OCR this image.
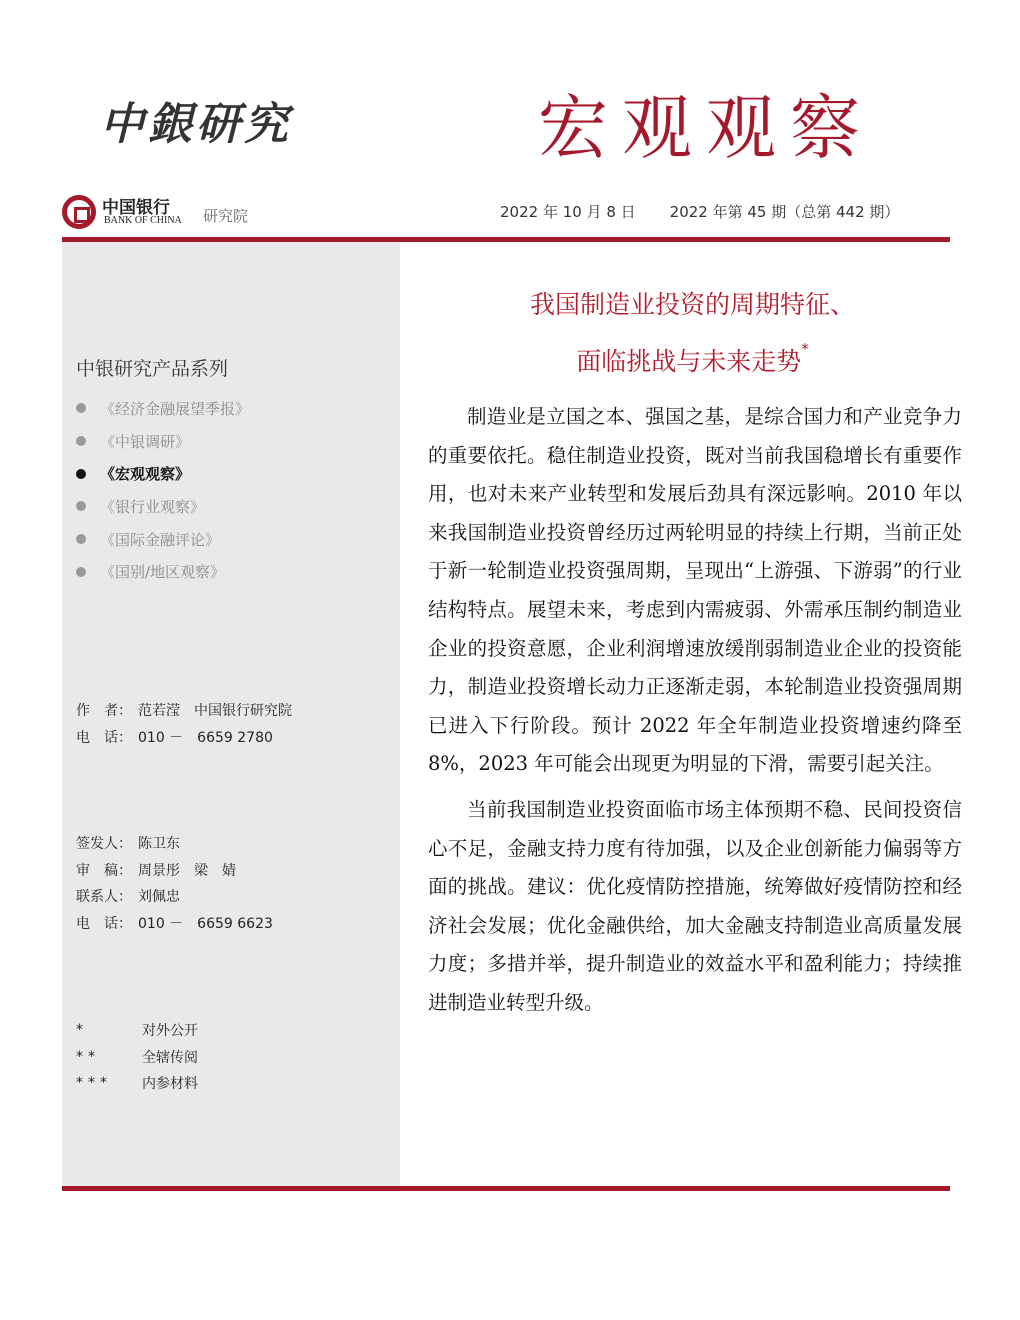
中銀研究	宏观观察
中国银行
BANK OF CHINA	研究院	2022 年 10 月 8 日 2022 年第 45 期（总第 442 期）
中银研究产品系列
《经济金融展望季报》
《中银调研》
《宏观观察》
《银行业观察》
《国际金融评论》
《国别/地区观察》
作　者： 范若滢　中国银行研究院
电　话： 010 －　6659 2780
签发人： 陈卫东
审　稿： 周景彤　梁　婧
联系人： 刘佩忠
电　话： 010 －　6659 6623
*	对外公开
**	全辖传阅
***	内参材料
我国制造业投资的周期特征、
面临挑战与未来走势*

制造业是立国之本、强国之基，是综合国力和产业竞争力的重要依托。稳住制造业投资，既对当前我国稳增长有重要作用，也对未来产业转型和发展后劲具有深远影响。2010 年以来我国制造业投资曾经历过两轮明显的持续上行期，当前正处于新一轮制造业投资强周期，呈现出“上游强、下游弱”的行业结构特点。展望未来，考虑到内需疲弱、外需承压制约制造业企业的投资意愿，企业利润增速放缓削弱制造业企业的投资能力，制造业投资增长动力正逐渐走弱，本轮制造业投资强周期已进入下行阶段。预计 2022 年全年制造业投资增速约降至 8%，2023 年可能会出现更为明显的下滑，需要引起关注。

当前我国制造业投资面临市场主体预期不稳、民间投资信心不足，金融支持力度有待加强，以及企业创新能力偏弱等方面的挑战。建议：优化疫情防控措施，统筹做好疫情防控和经济社会发展；优化金融供给，加大金融支持制造业高质量发展力度；多措并举，提升制造业的效益水平和盈利能力；持续推进制造业转型升级。
